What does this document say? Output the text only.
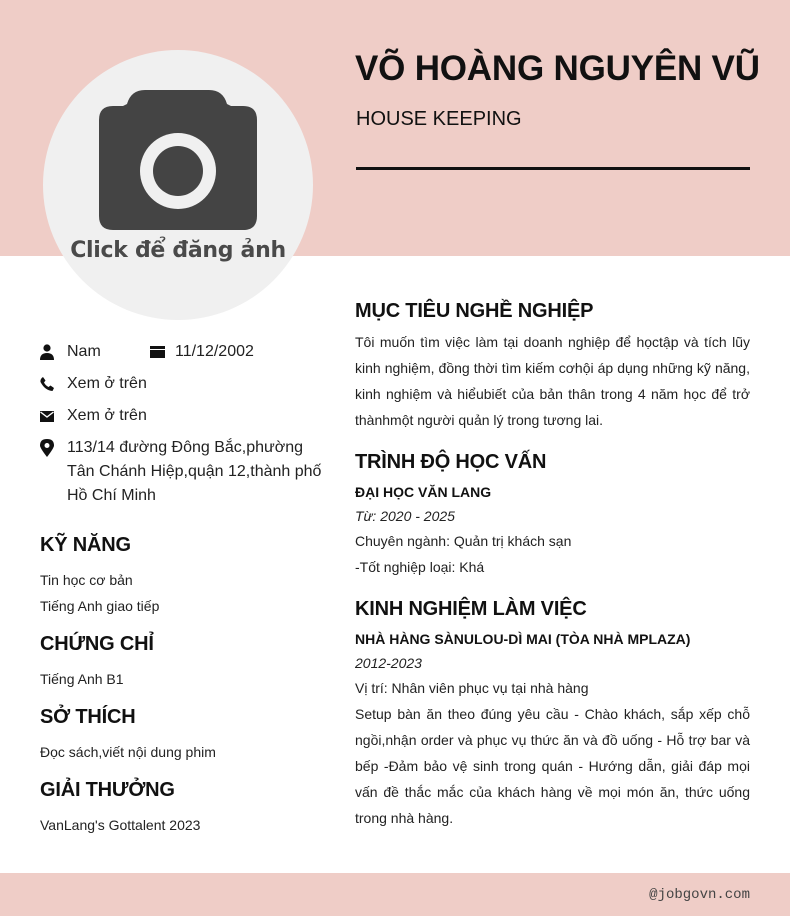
Click để đăng ảnh
VÕ HOÀNG NGUYÊN VŨ
HOUSE KEEPING
Nam	11/12/2002
Xem ở trên
Xem ở trên
113/14 đường Đông Bắc,phường Tân Chánh Hiệp,quận 12,thành phố Hồ Chí Minh
KỸ NĂNG
Tin học cơ bản
Tiếng Anh giao tiếp
CHỨNG CHỈ
Tiếng Anh B1
SỞ THÍCH
Đọc sách,viết nội dung phim
GIẢI THƯỞNG
VanLang's Gottalent 2023
MỤC TIÊU NGHỀ NGHIỆP
Tôi muốn tìm việc làm tại doanh nghiệp để họctập và tích lũy kinh nghiệm, đồng thời tìm kiếm cơhội áp dụng những kỹ năng, kinh nghiệm và hiểubiết của bản thân trong 4 năm học để trở thànhmột người quản lý trong tương lai.
TRÌNH ĐỘ HỌC VẤN
ĐẠI HỌC VĂN LANG
Từ: 2020 - 2025
Chuyên ngành: Quản trị khách sạn
-Tốt nghiệp loại: Khá
KINH NGHIỆM LÀM VIỆC
NHÀ HÀNG SÀNULOU-DÌ MAI (TÒA NHÀ MPLAZA)
2012-2023
Vị trí: Nhân viên phục vụ tại nhà hàng
Setup bàn ăn theo đúng yêu cầu - Chào khách, sắp xếp chỗ ngồi,nhận order và phục vụ thức ăn và đồ uống - Hỗ trợ bar và bếp -Đảm bảo vệ sinh trong quán - Hướng dẫn, giải đáp mọi vấn đề thắc mắc của khách hàng về mọi món ăn, thức uống trong nhà hàng.
@jobgovn.com
